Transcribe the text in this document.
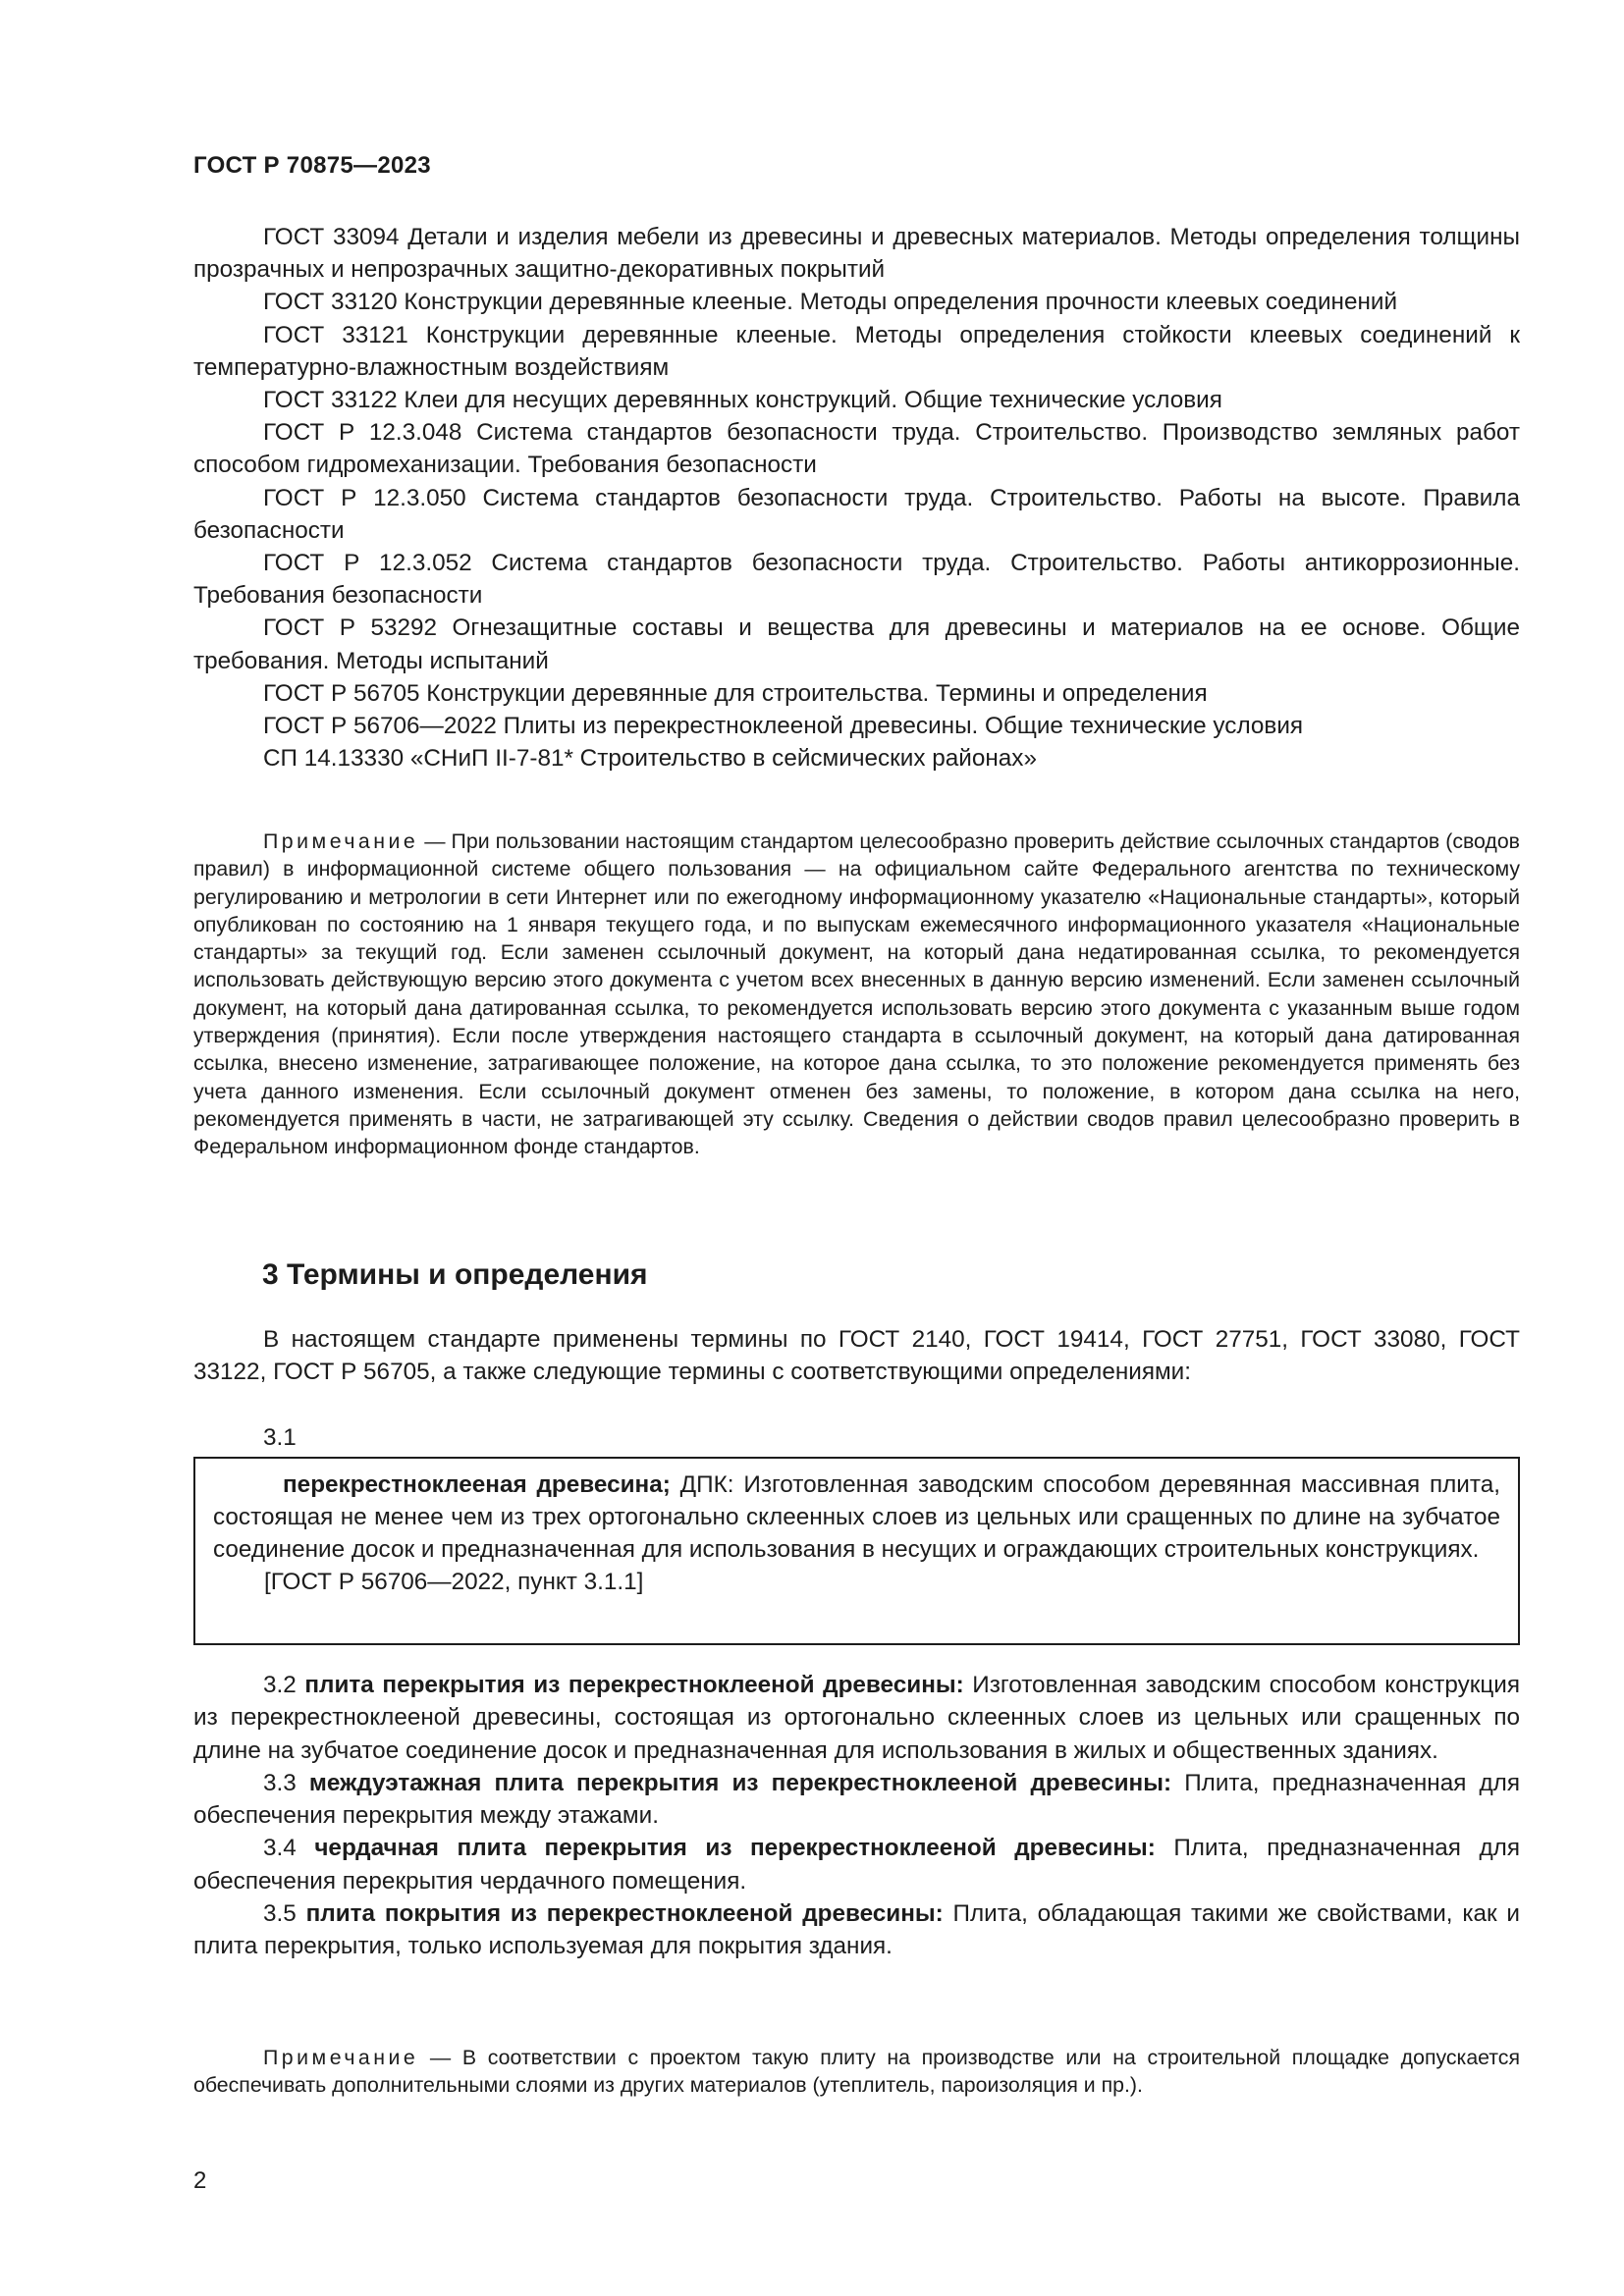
ГОСТ Р 70875—2023

ГОСТ 33094 Детали и изделия мебели из древесины и древесных материалов. Методы определения толщины прозрачных и непрозрачных защитно-декоративных покрытий

ГОСТ 33120 Конструкции деревянные клееные. Методы определения прочности клеевых соединений

ГОСТ 33121 Конструкции деревянные клееные. Методы определения стойкости клеевых соединений к температурно-влажностным воздействиям

ГОСТ 33122 Клеи для несущих деревянных конструкций. Общие технические условия

ГОСТ Р 12.3.048 Система стандартов безопасности труда. Строительство. Производство земляных работ способом гидромеханизации. Требования безопасности

ГОСТ Р 12.3.050 Система стандартов безопасности труда. Строительство. Работы на высоте. Правила безопасности

ГОСТ Р 12.3.052 Система стандартов безопасности труда. Строительство. Работы антикоррозионные. Требования безопасности

ГОСТ Р 53292 Огнезащитные составы и вещества для древесины и материалов на ее основе. Общие требования. Методы испытаний

ГОСТ Р 56705 Конструкции деревянные для строительства. Термины и определения

ГОСТ Р 56706—2022 Плиты из перекрестноклееной древесины. Общие технические условия

СП 14.13330 «СНиП II-7-81* Строительство в сейсмических районах»

Примечание — При пользовании настоящим стандартом целесообразно проверить действие ссылочных стандартов (сводов правил) в информационной системе общего пользования — на официальном сайте Федерального агентства по техническому регулированию и метрологии в сети Интернет или по ежегодному информационному указателю «Национальные стандарты», который опубликован по состоянию на 1 января текущего года, и по выпускам ежемесячного информационного указателя «Национальные стандарты» за текущий год. Если заменен ссылочный документ, на который дана недатированная ссылка, то рекомендуется использовать действующую версию этого документа с учетом всех внесенных в данную версию изменений. Если заменен ссылочный документ, на который дана датированная ссылка, то рекомендуется использовать версию этого документа с указанным выше годом утверждения (принятия). Если после утверждения настоящего стандарта в ссылочный документ, на который дана датированная ссылка, внесено изменение, затрагивающее положение, на которое дана ссылка, то это положение рекомендуется применять без учета данного изменения. Если ссылочный документ отменен без замены, то положение, в котором дана ссылка на него, рекомендуется применять в части, не затрагивающей эту ссылку. Сведения о действии сводов правил целесообразно проверить в Федеральном информационном фонде стандартов.

3 Термины и определения

В настоящем стандарте применены термины по ГОСТ 2140, ГОСТ 19414, ГОСТ 27751, ГОСТ 33080, ГОСТ 33122, ГОСТ Р 56705, а также следующие термины с соответствующими определениями:

3.1

перекрестноклееная древесина; ДПК: Изготовленная заводским способом деревянная массивная плита, состоящая не менее чем из трех ортогонально склеенных слоев из цельных или сращенных по длине на зубчатое соединение досок и предназначенная для использования в несущих и ограждающих строительных конструкциях.

[ГОСТ Р 56706—2022, пункт 3.1.1]

3.2 плита перекрытия из перекрестноклееной древесины: Изготовленная заводским способом конструкция из перекрестноклееной древесины, состоящая из ортогонально склеенных слоев из цельных или сращенных по длине на зубчатое соединение досок и предназначенная для использования в жилых и общественных зданиях.

3.3 междуэтажная плита перекрытия из перекрестноклееной древесины: Плита, предназначенная для обеспечения перекрытия между этажами.

3.4 чердачная плита перекрытия из перекрестноклееной древесины: Плита, предназначенная для обеспечения перекрытия чердачного помещения.

3.5 плита покрытия из перекрестноклееной древесины: Плита, обладающая такими же свойствами, как и плита перекрытия, только используемая для покрытия здания.

Примечание — В соответствии с проектом такую плиту на производстве или на строительной площадке допускается обеспечивать дополнительными слоями из других материалов (утеплитель, пароизоляция и пр.).

2
